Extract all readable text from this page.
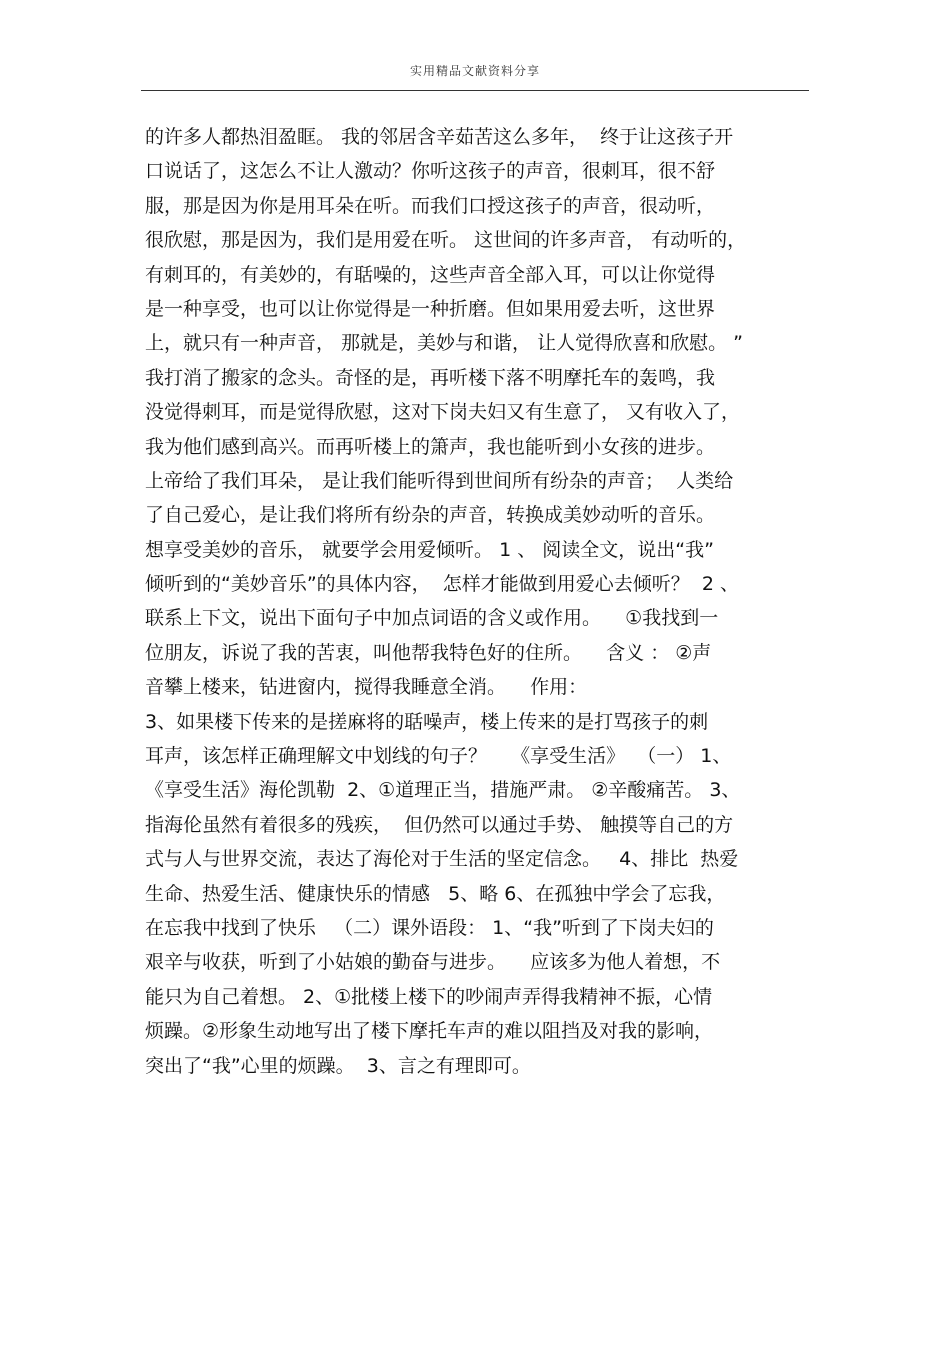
实用精品文献资料分享
的许多人都热泪盈眶。 我的邻居含辛茹苦这么多年，  终于让这孩子开
口说话了，这怎么不让人激动？你听这孩子的声音，很刺耳，很不舒
服，那是因为你是用耳朵在听。而我们口授这孩子的声音，很动听，
很欣慰，那是因为，我们是用爱在听。 这世间的许多声音， 有动听的，
有刺耳的，有美妙的，有聒噪的，这些声音全部入耳，可以让你觉得
是一种享受，也可以让你觉得是一种折磨。但如果用爱去听，这世界
上，就只有一种声音， 那就是，美妙与和谐， 让人觉得欣喜和欣慰。 ”
我打消了搬家的念头。奇怪的是，再听楼下落不明摩托车的轰鸣，我
没觉得刺耳，而是觉得欣慰，这对下岗夫妇又有生意了， 又有收入了，
我为他们感到高兴。而再听楼上的箫声，我也能听到小女孩的进步。
上帝给了我们耳朵， 是让我们能听得到世间所有纷杂的声音；  人类给
了自己爱心，是让我们将所有纷杂的声音，转换成美妙动听的音乐。
想享受美妙的音乐， 就要学会用爱倾听。 1 、 阅读全文，说出“我”
倾听到的“美妙音乐”的具体内容，  怎样才能做到用爱心去倾听？  2 、
联系上下文，说出下面句子中加点词语的含义或作用。    ①我找到一
位朋友，诉说了我的苦衷，叫他帮我特色好的住所。    含义 ： ②声
音攀上楼来，钻进窗内，搅得我睡意全消。    作用：
3、如果楼下传来的是搓麻将的聒噪声，楼上传来的是打骂孩子的刺
耳声，该怎样正确理解文中划线的句子？    《享受生活》  （一） 1、
《享受生活》海伦凯勒  2、①道理正当，措施严肃。 ②辛酸痛苦。 3、
指海伦虽然有着很多的残疾，  但仍然可以通过手势、 触摸等自己的方
式与人与世界交流，表达了海伦对于生活的坚定信念。   4、排比  热爱
生命、热爱生活、健康快乐的情感   5、略 6、在孤独中学会了忘我，
在忘我中找到了快乐   （二）课外语段： 1、“我”听到了下岗夫妇的
艰辛与收获，听到了小姑娘的勤奋与进步。    应该多为他人着想，不
能只为自己着想。 2、①批楼上楼下的吵闹声弄得我精神不振，心情
烦躁。②形象生动地写出了楼下摩托车声的难以阻挡及对我的影响，
突出了“我”心里的烦躁。  3、言之有理即可。
